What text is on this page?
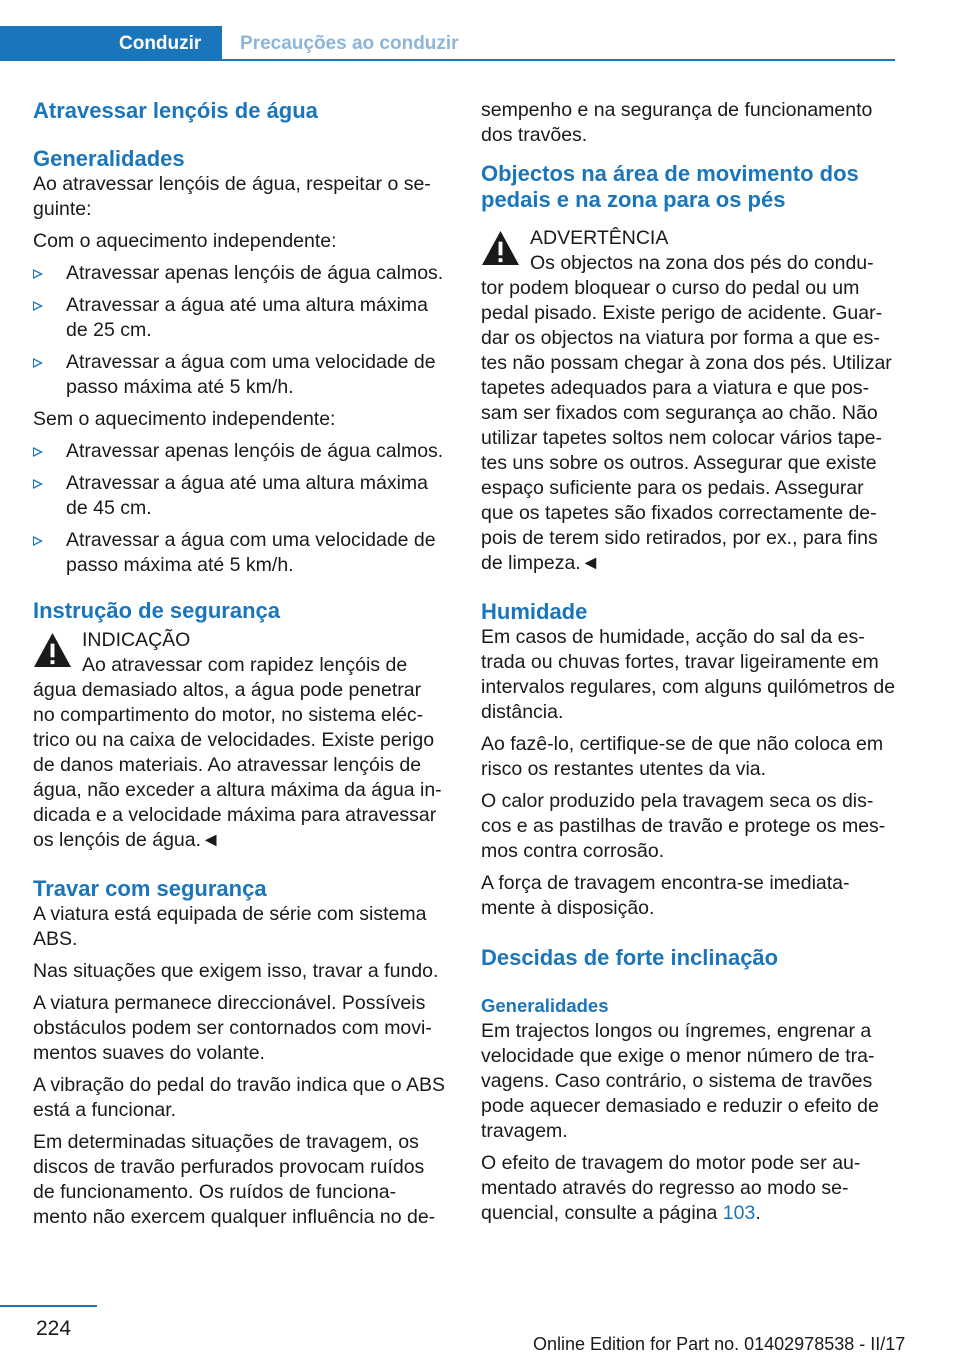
Conduzir	Precauções ao conduzir
Atravessar lençóis de água
Generalidades

Ao atravessar lençóis de água, respeitar o se‐ guinte:

Com o aquecimento independente:

Atravessar apenas lençóis de água calmos.
Atravessar a água até uma altura máxima de 25 cm.
Atravessar a água com uma velocidade de passo máxima até 5 km/h.

Sem o aquecimento independente:

Atravessar apenas lençóis de água calmos.
Atravessar a água até uma altura máxima de 45 cm.
Atravessar a água com uma velocidade de passo máxima até 5 km/h.
Instrução de segurança
INDICAÇÃO
Ao atravessar com rapidez lençóis de
água demasiado altos, a água pode penetrar no compartimento do motor, no sistema eléc‐ trico ou na caixa de velocidades. Existe perigo de danos materiais. Ao atravessar lençóis de água, não exceder a altura máxima da água in‐ dicada e a velocidade máxima para atravessar os lençóis de água.◄
Travar com segurança

A viatura está equipada de série com sistema ABS.

Nas situações que exigem isso, travar a fundo.

A viatura permanece direccionável. Possíveis obstáculos podem ser contornados com movi‐ mentos suaves do volante.

A vibração do pedal do travão indica que o ABS está a funcionar.

Em determinadas situações de travagem, os discos de travão perfurados provocam ruídos de funcionamento. Os ruídos de funciona‐ mento não exercem qualquer influência no de‐

sempenho e na segurança de funcionamento dos travões.

Objectos na área de movimento dos pedais e na zona para os pés
ADVERTÊNCIA
Os objectos na zona dos pés do condu‐
tor podem bloquear o curso do pedal ou um pedal pisado. Existe perigo de acidente. Guar‐ dar os objectos na viatura por forma a que es‐ tes não possam chegar à zona dos pés. Utilizar tapetes adequados para a viatura e que pos‐ sam ser fixados com segurança ao chão. Não utilizar tapetes soltos nem colocar vários tape‐ tes uns sobre os outros. Assegurar que existe espaço suficiente para os pedais. Assegurar que os tapetes são fixados correctamente de‐ pois de terem sido retirados, por ex., para fins de limpeza.◄
Humidade

Em casos de humidade, acção do sal da es‐ trada ou chuvas fortes, travar ligeiramente em intervalos regulares, com alguns quilómetros de distância.

Ao fazê-lo, certifique-se de que não coloca em risco os restantes utentes da via.

O calor produzido pela travagem seca os dis‐ cos e as pastilhas de travão e protege os mes‐ mos contra corrosão.

A força de travagem encontra-se imediata‐ mente à disposição.

Descidas de forte inclinação
Generalidades

Em trajectos longos ou íngremes, engrenar a velocidade que exige o menor número de tra‐ vagens. Caso contrário, o sistema de travões pode aquecer demasiado e reduzir o efeito de travagem.

O efeito de travagem do motor pode ser au‐ mentado através do regresso ao modo se‐ quencial, consulte a página 103.

224
Online Edition for Part no. 01402978538 - II/17
